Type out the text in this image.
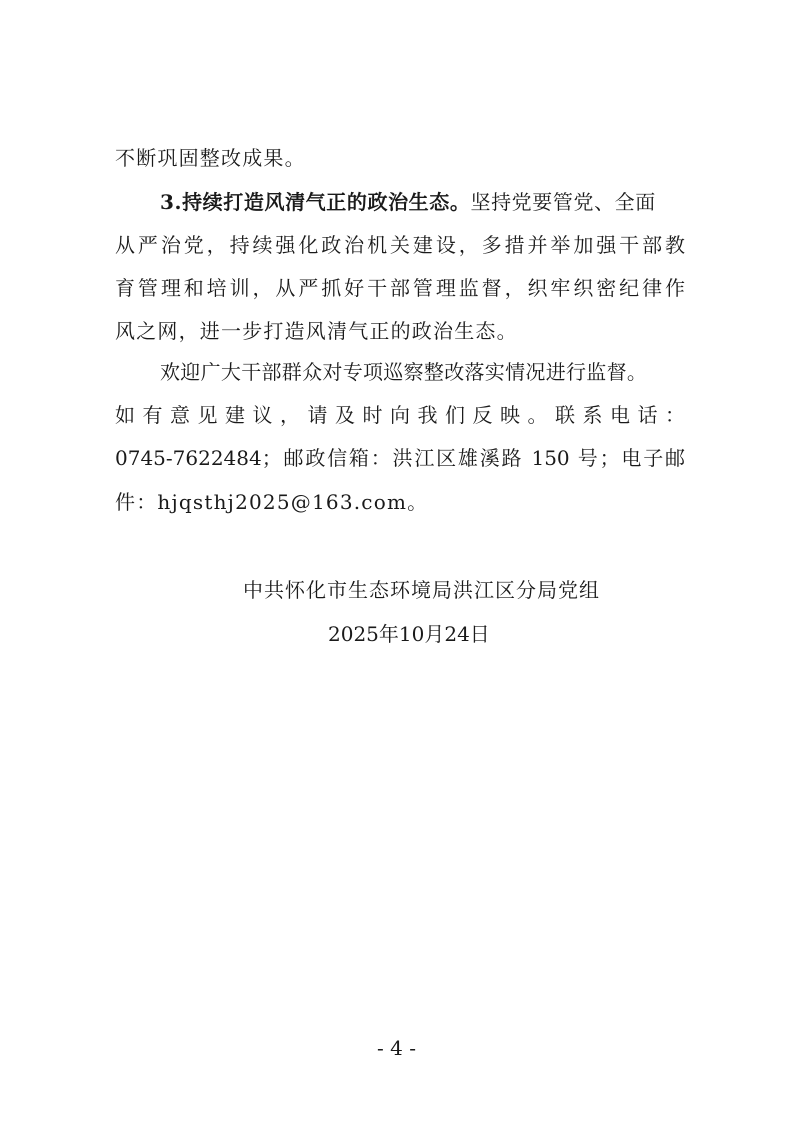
不断巩固整改成果。
3.持续打造风清气正的政治生态。坚持党要管党、全面
从严治党，持续强化政治机关建设，多措并举加强干部教
育管理和培训，从严抓好干部管理监督，织牢织密纪律作
风之网，进一步打造风清气正的政治生态。
欢迎广大干部群众对专项巡察整改落实情况进行监督。
如有意见建议，请及时向我们反映。联系电话：
0745-7622484；邮政信箱：洪江区雄溪路 150 号；电子邮
件：hjqsthj2025@163.com。
中共怀化市生态环境局洪江区分局党组
2025年10月24日
- 4 -
